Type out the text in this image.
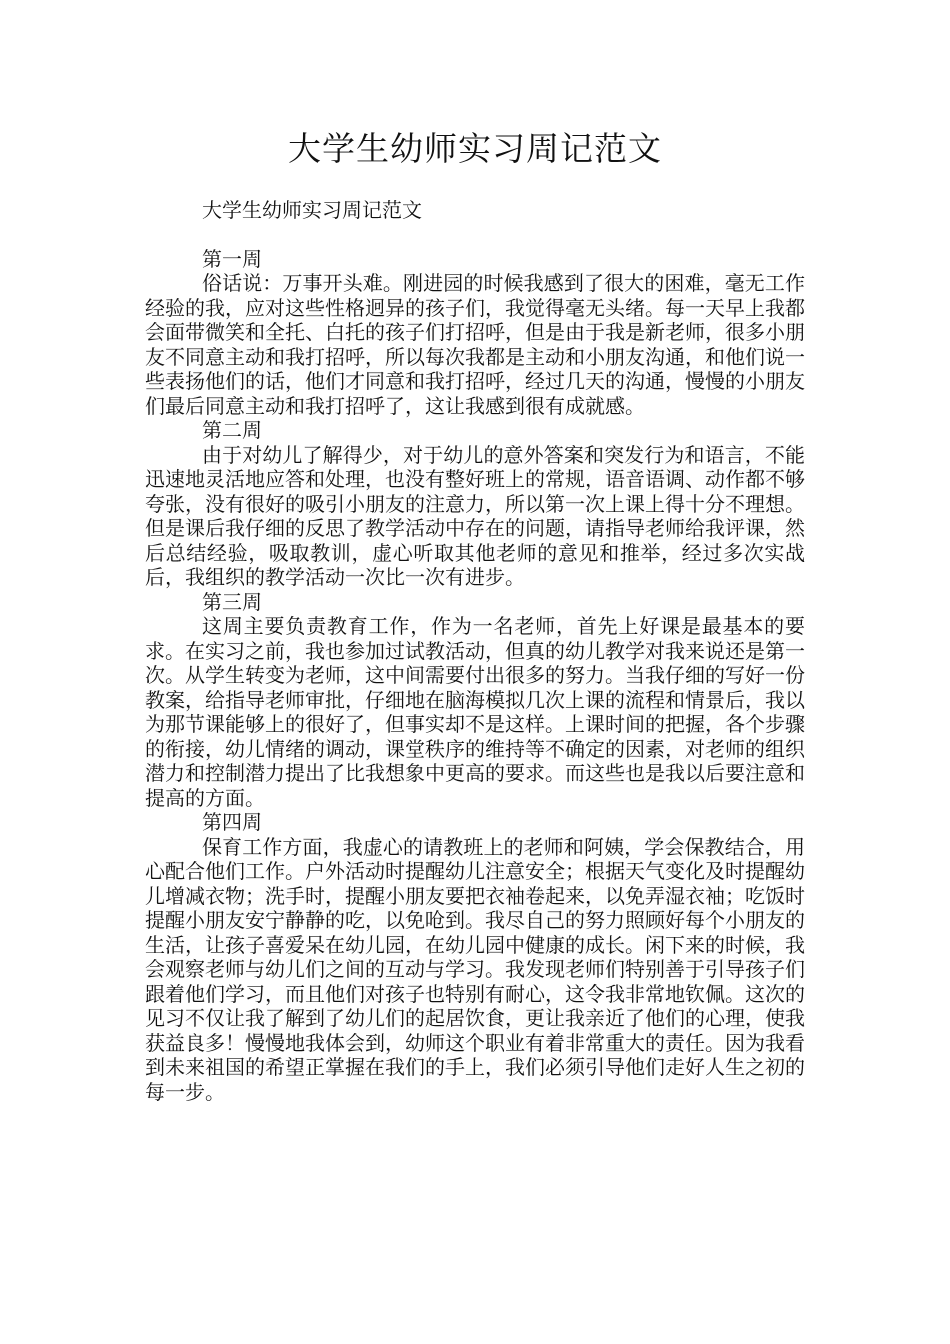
大学生幼师实习周记范文

大学生幼师实习周记范文

第一周

俗话说：万事开头难。刚进园的时候我感到了很大的困难，毫无工作经验的我，应对这些性格迥异的孩子们，我觉得毫无头绪。每一天早上我都会面带微笑和全托、白托的孩子们打招呼，但是由于我是新老师，很多小朋友不同意主动和我打招呼，所以每次我都是主动和小朋友沟通，和他们说一些表扬他们的话，他们才同意和我打招呼，经过几天的沟通，慢慢的小朋友们最后同意主动和我打招呼了，这让我感到很有成就感。

第二周

由于对幼儿了解得少，对于幼儿的意外答案和突发行为和语言，不能迅速地灵活地应答和处理，也没有整好班上的常规，语音语调、动作都不够夸张，没有很好的吸引小朋友的注意力，所以第一次上课上得十分不理想。但是课后我仔细的反思了教学活动中存在的问题，请指导老师给我评课，然后总结经验，吸取教训，虚心听取其他老师的意见和推举，经过多次实战后，我组织的教学活动一次比一次有进步。

第三周

这周主要负责教育工作，作为一名老师，首先上好课是最基本的要求。在实习之前，我也参加过试教活动，但真的幼儿教学对我来说还是第一次。从学生转变为老师，这中间需要付出很多的努力。当我仔细的写好一份教案，给指导老师审批，仔细地在脑海模拟几次上课的流程和情景后，我以为那节课能够上的很好了，但事实却不是这样。上课时间的把握，各个步骤的衔接，幼儿情绪的调动，课堂秩序的维持等不确定的因素，对老师的组织潜力和控制潜力提出了比我想象中更高的要求。而这些也是我以后要注意和提高的方面。

第四周

保育工作方面，我虚心的请教班上的老师和阿姨，学会保教结合，用心配合他们工作。户外活动时提醒幼儿注意安全；根据天气变化及时提醒幼儿增减衣物；洗手时，提醒小朋友要把衣袖卷起来，以免弄湿衣袖；吃饭时提醒小朋友安宁静静的吃，以免呛到。我尽自己的努力照顾好每个小朋友的生活，让孩子喜爱呆在幼儿园，在幼儿园中健康的成长。闲下来的时候，我会观察老师与幼儿们之间的互动与学习。我发现老师们特别善于引导孩子们跟着他们学习，而且他们对孩子也特别有耐心，这令我非常地钦佩。这次的见习不仅让我了解到了幼儿们的起居饮食，更让我亲近了他们的心理，使我获益良多！慢慢地我体会到，幼师这个职业有着非常重大的责任。因为我看到未来祖国的希望正掌握在我们的手上，我们必须引导他们走好人生之初的每一步。
